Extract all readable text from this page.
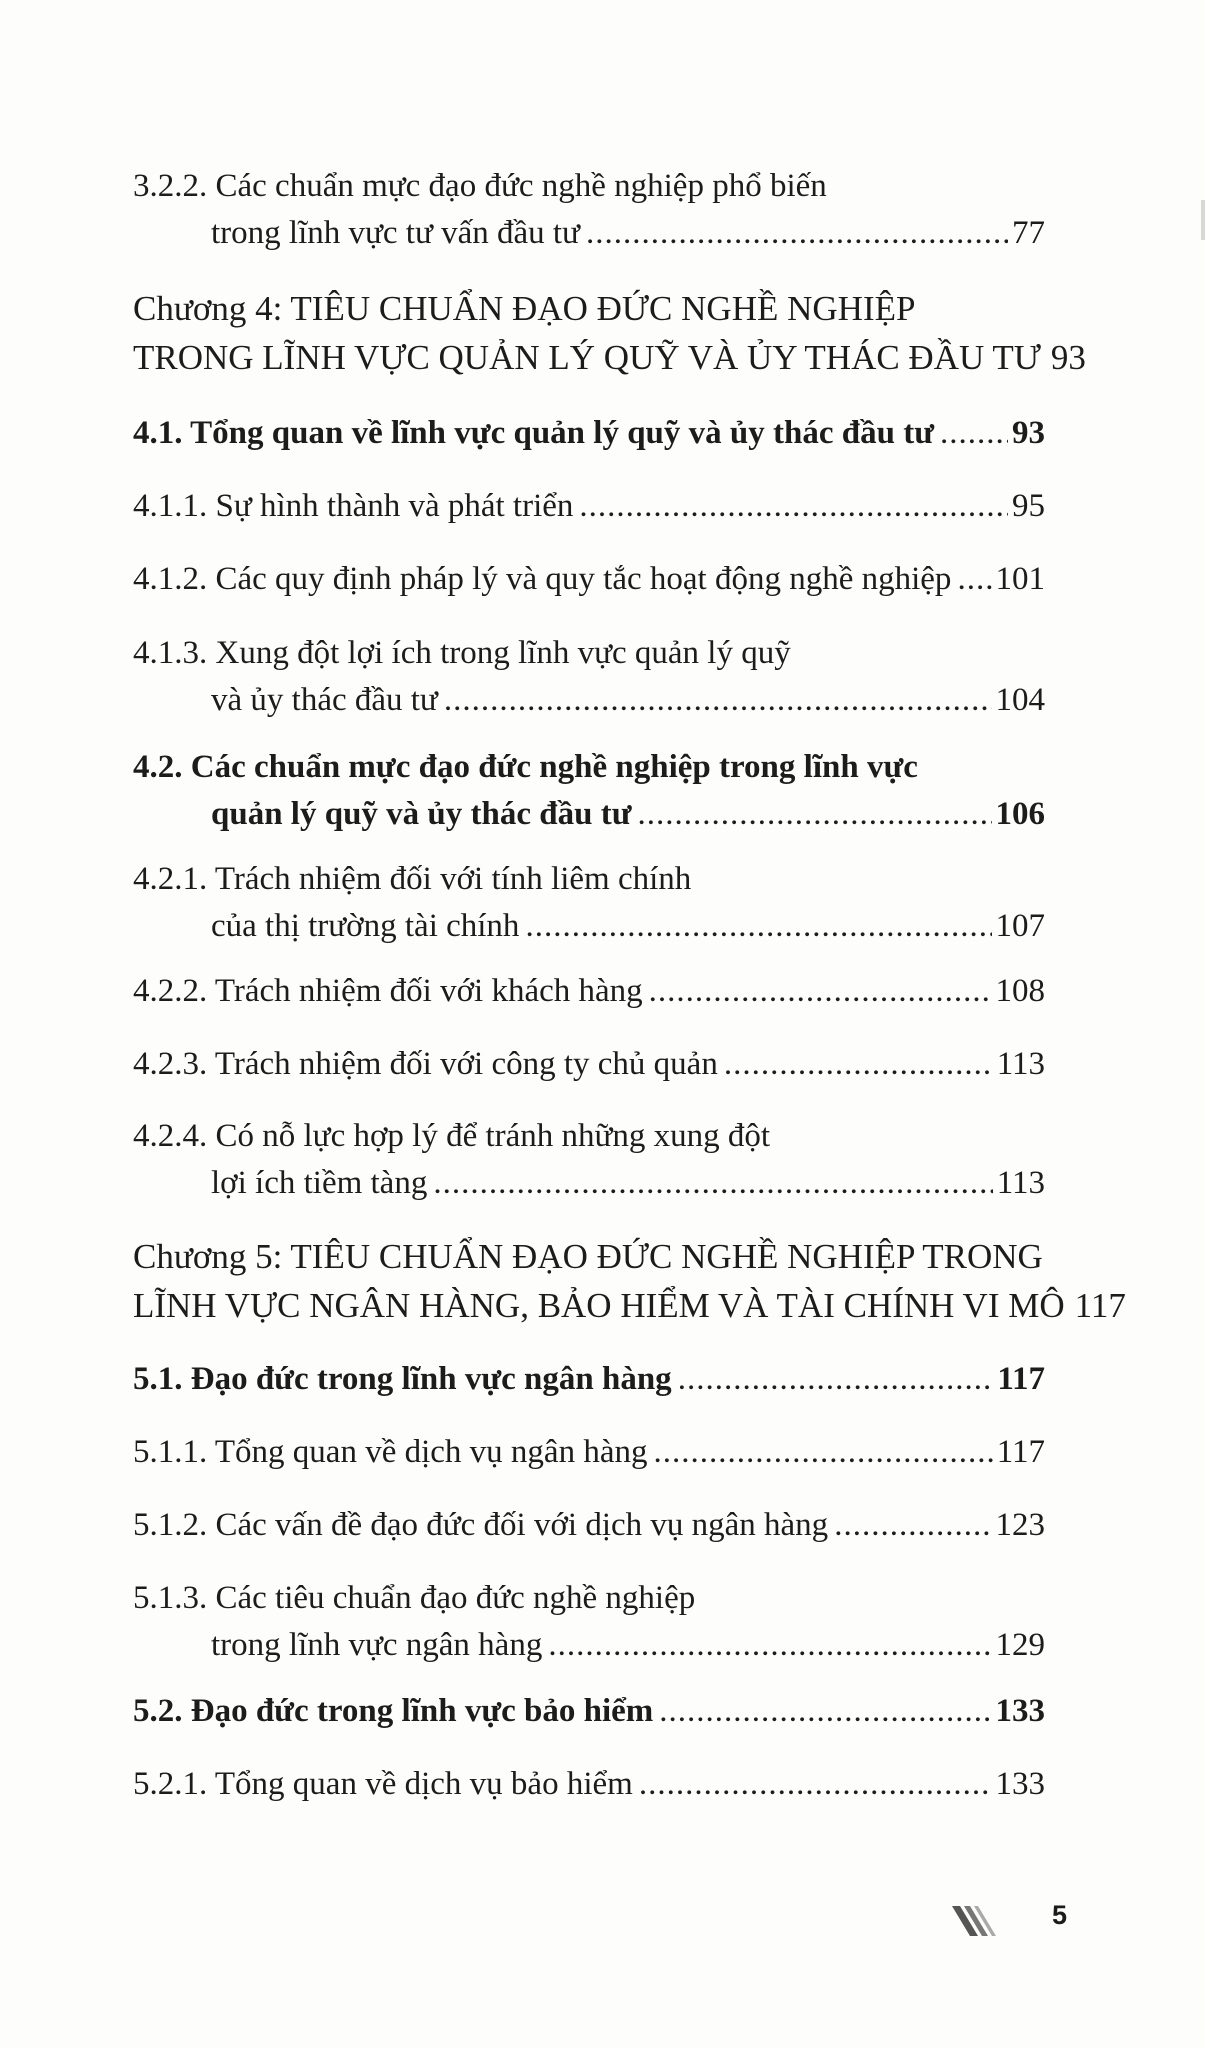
3.2.2. Các chuẩn mực đạo đức nghề nghiệp phổ biến
trong lĩnh vực tư vấn đầu tư .....	77
Chương 4: TIÊU CHUẨN ĐẠO ĐỨC NGHỀ NGHIỆP
TRONG LĨNH VỰC QUẢN LÝ QUỸ VÀ ỦY THÁC ĐẦU TƯ 93
4.1. Tổng quan về lĩnh vực quản lý quỹ và ủy thác đầu tư ..... 93
4.1.1. Sự hình thành và phát triển .....	95
4.1.2. Các quy định pháp lý và quy tắc hoạt động nghề nghiệp ..... 101
4.1.3. Xung đột lợi ích trong lĩnh vực quản lý quỹ
và ủy thác đầu tư .....	104
4.2. Các chuẩn mực đạo đức nghề nghiệp trong lĩnh vực
quản lý quỹ và ủy thác đầu tư .....	106
4.2.1. Trách nhiệm đối với tính liêm chính
của thị trường tài chính .....	107
4.2.2. Trách nhiệm đối với khách hàng .....	108
4.2.3. Trách nhiệm đối với công ty chủ quản .....	113
4.2.4. Có nỗ lực hợp lý để tránh những xung đột
lợi ích tiềm tàng .....	113
Chương 5: TIÊU CHUẨN ĐẠO ĐỨC NGHỀ NGHIỆP TRONG
LĨNH VỰC NGÂN HÀNG, BẢO HIỂM VÀ TÀI CHÍNH VI MÔ 117
5.1. Đạo đức trong lĩnh vực ngân hàng .....	117
5.1.1. Tổng quan về dịch vụ ngân hàng .....	117
5.1.2. Các vấn đề đạo đức đối với dịch vụ ngân hàng .....	123
5.1.3. Các tiêu chuẩn đạo đức nghề nghiệp
trong lĩnh vực ngân hàng .....	129
5.2. Đạo đức trong lĩnh vực bảo hiểm .....	133
5.2.1. Tổng quan về dịch vụ bảo hiểm .....	133
5
